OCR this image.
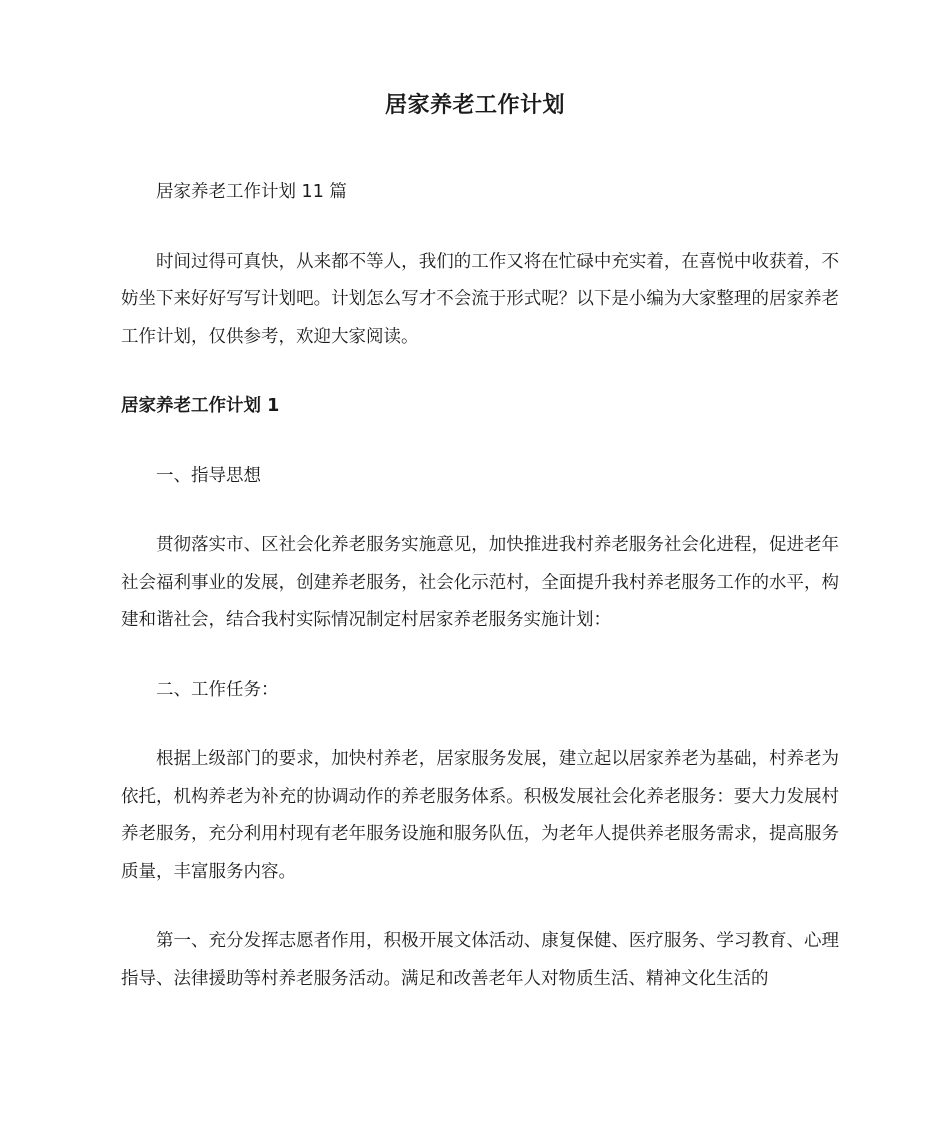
居家养老工作计划

居家养老工作计划 11 篇

时间过得可真快，从来都不等人，我们的工作又将在忙碌中充实着，在喜悦中收获着，不妨坐下来好好写写计划吧。计划怎么写才不会流于形式呢？以下是小编为大家整理的居家养老工作计划，仅供参考，欢迎大家阅读。

居家养老工作计划 1

一、指导思想

贯彻落实市、区社会化养老服务实施意见，加快推进我村养老服务社会化进程，促进老年社会福利事业的发展，创建养老服务，社会化示范村，全面提升我村养老服务工作的水平，构建和谐社会，结合我村实际情况制定村居家养老服务实施计划：

二、工作任务：

根据上级部门的要求，加快村养老，居家服务发展，建立起以居家养老为基础，村养老为依托，机构养老为补充的协调动作的养老服务体系。积极发展社会化养老服务：要大力发展村养老服务，充分利用村现有老年服务设施和服务队伍，为老年人提供养老服务需求，提高服务质量，丰富服务内容。

第一、充分发挥志愿者作用，积极开展文体活动、康复保健、医疗服务、学习教育、心理指导、法律援助等村养老服务活动。满足和改善老年人对物质生活、精神文化生活的
